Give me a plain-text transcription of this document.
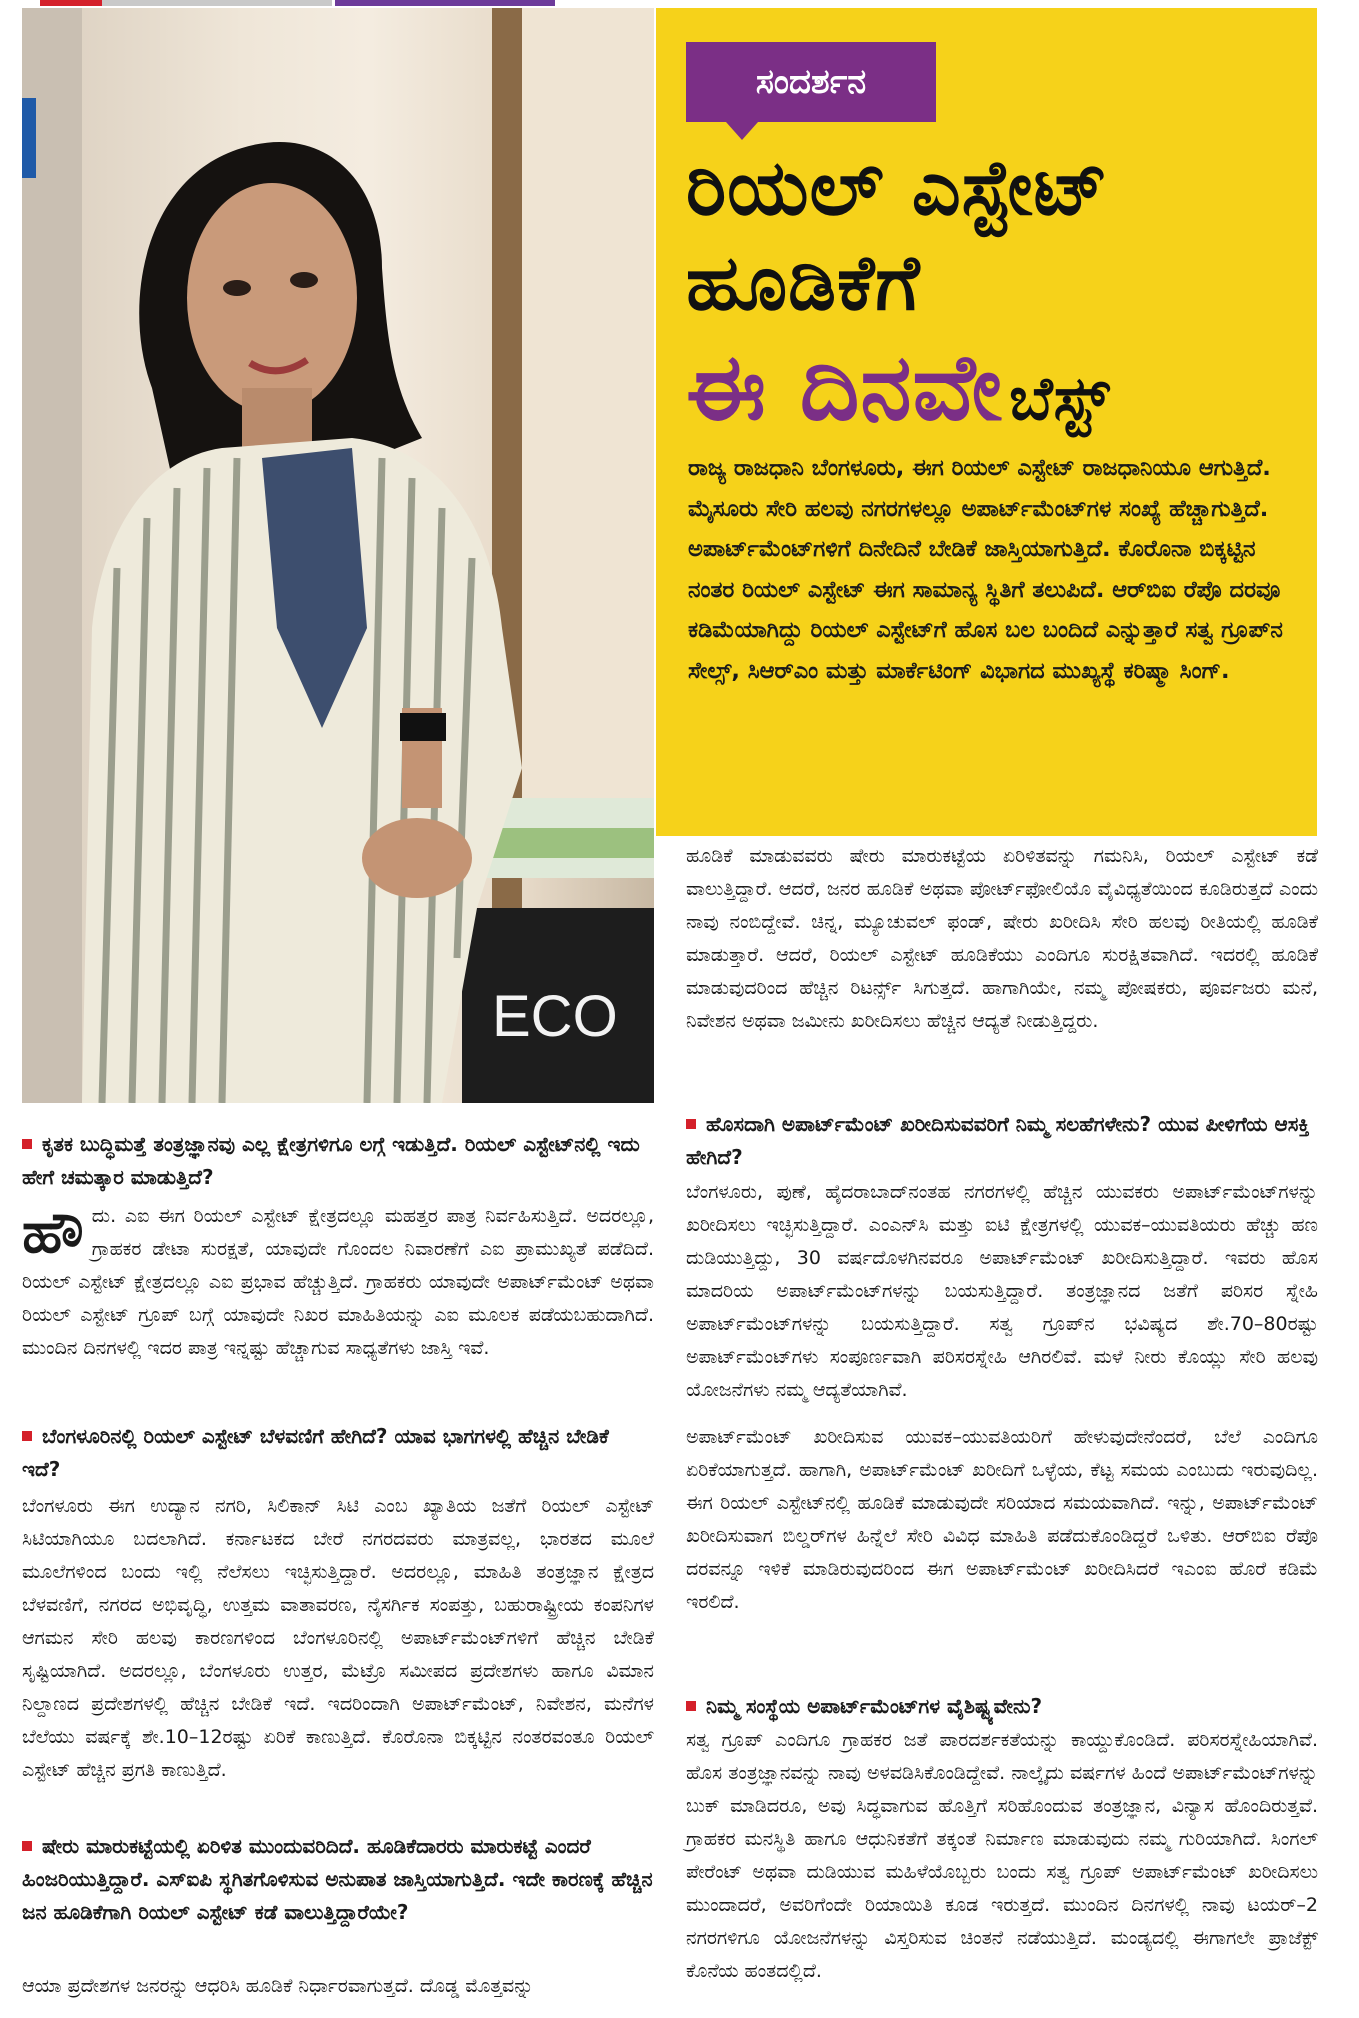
ECO
ಸಂದರ್ಶನ
ರಿಯಲ್ ಎಸ್ಟೇಟ್
ಹೂಡಿಕೆಗೆ
ಈ ದಿನವೇ ಬೆಸ್ಟ್
ರಾಜ್ಯ ರಾಜಧಾನಿ ಬೆಂಗಳೂರು, ಈಗ ರಿಯಲ್ ಎಸ್ಟೇಟ್ ರಾಜಧಾನಿಯೂ ಆಗುತ್ತಿದೆ. ಮೈಸೂರು ಸೇರಿ ಹಲವು ನಗರಗಳಲ್ಲೂ ಅಪಾರ್ಟ್‌ಮೆಂಟ್‌ಗಳ ಸಂಖ್ಯೆ ಹೆಚ್ಚಾಗುತ್ತಿದೆ. ಅಪಾರ್ಟ್‌ಮೆಂಟ್‌ಗಳಿಗೆ ದಿನೇದಿನೆ ಬೇಡಿಕೆ ಜಾಸ್ತಿಯಾಗುತ್ತಿದೆ. ಕೊರೊನಾ ಬಿಕ್ಕಟ್ಟಿನ ನಂತರ ರಿಯಲ್ ಎಸ್ಟೇಟ್ ಈಗ ಸಾಮಾನ್ಯ ಸ್ಥಿತಿಗೆ ತಲುಪಿದೆ. ಆರ್‌ಬಿಐ ರೆಪೊ ದರವೂ ಕಡಿಮೆಯಾಗಿದ್ದು ರಿಯಲ್ ಎಸ್ಟೇಟ್‌ಗೆ ಹೊಸ ಬಲ ಬಂದಿದೆ ಎನ್ನುತ್ತಾರೆ ಸತ್ವ ಗ್ರೂಪ್‌ನ ಸೇಲ್ಸ್, ಸಿಆರ್‌ಎಂ ಮತ್ತು ಮಾರ್ಕೆಟಿಂಗ್ ವಿಭಾಗದ ಮುಖ್ಯಸ್ಥೆ ಕರಿಷ್ಮಾ ಸಿಂಗ್.
ಕೃತಕ ಬುದ್ಧಿಮತ್ತೆ ತಂತ್ರಜ್ಞಾನವು ಎಲ್ಲ ಕ್ಷೇತ್ರಗಳಿಗೂ ಲಗ್ಗೆ ಇಡುತ್ತಿದೆ. ರಿಯಲ್ ಎಸ್ಟೇಟ್‌ನಲ್ಲಿ ಇದು ಹೇಗೆ ಚಮತ್ಕಾರ ಮಾಡುತ್ತಿದೆ?
ಹೌದು. ಎಐ ಈಗ ರಿಯಲ್ ಎಸ್ಟೇಟ್ ಕ್ಷೇತ್ರದಲ್ಲೂ ಮಹತ್ತರ ಪಾತ್ರ ನಿರ್ವಹಿಸುತ್ತಿದೆ. ಅದರಲ್ಲೂ, ಗ್ರಾಹಕರ ಡೇಟಾ ಸುರಕ್ಷತೆ, ಯಾವುದೇ ಗೊಂದಲ ನಿವಾರಣೆಗೆ ಎಐ ಪ್ರಾಮುಖ್ಯತೆ ಪಡೆದಿದೆ. ರಿಯಲ್ ಎಸ್ಟೇಟ್ ಕ್ಷೇತ್ರದಲ್ಲೂ ಎಐ ಪ್ರಭಾವ ಹೆಚ್ಚುತ್ತಿದೆ. ಗ್ರಾಹಕರು ಯಾವುದೇ ಅಪಾರ್ಟ್‌ಮೆಂಟ್ ಅಥವಾ ರಿಯಲ್ ಎಸ್ಟೇಟ್ ಗ್ರೂಪ್ ಬಗ್ಗೆ ಯಾವುದೇ ನಿಖರ ಮಾಹಿತಿಯನ್ನು ಎಐ ಮೂಲಕ ಪಡೆಯಬಹುದಾಗಿದೆ. ಮುಂದಿನ ದಿನಗಳಲ್ಲಿ ಇದರ ಪಾತ್ರ ಇನ್ನಷ್ಟು ಹೆಚ್ಚಾಗುವ ಸಾಧ್ಯತೆಗಳು ಜಾಸ್ತಿ ಇವೆ.
ಬೆಂಗಳೂರಿನಲ್ಲಿ ರಿಯಲ್ ಎಸ್ಟೇಟ್ ಬೆಳವಣಿಗೆ ಹೇಗಿದೆ? ಯಾವ ಭಾಗಗಳಲ್ಲಿ ಹೆಚ್ಚಿನ ಬೇಡಿಕೆ ಇದೆ?
ಬೆಂಗಳೂರು ಈಗ ಉದ್ಯಾನ ನಗರಿ, ಸಿಲಿಕಾನ್ ಸಿಟಿ ಎಂಬ ಖ್ಯಾತಿಯ ಜತೆಗೆ ರಿಯಲ್ ಎಸ್ಟೇಟ್ ಸಿಟಿಯಾಗಿಯೂ ಬದಲಾಗಿದೆ. ಕರ್ನಾಟಕದ ಬೇರೆ ನಗರದವರು ಮಾತ್ರವಲ್ಲ, ಭಾರತದ ಮೂಲೆ ಮೂಲೆಗಳಿಂದ ಬಂದು ಇಲ್ಲಿ ನೆಲೆಸಲು ಇಚ್ಛಿಸುತ್ತಿದ್ದಾರೆ. ಅದರಲ್ಲೂ, ಮಾಹಿತಿ ತಂತ್ರಜ್ಞಾನ ಕ್ಷೇತ್ರದ ಬೆಳವಣಿಗೆ, ನಗರದ ಅಭಿವೃದ್ಧಿ, ಉತ್ತಮ ವಾತಾವರಣ, ನೈಸರ್ಗಿಕ ಸಂಪತ್ತು, ಬಹುರಾಷ್ಟ್ರೀಯ ಕಂಪನಿಗಳ ಆಗಮನ ಸೇರಿ ಹಲವು ಕಾರಣಗಳಿಂದ ಬೆಂಗಳೂರಿನಲ್ಲಿ ಅಪಾರ್ಟ್‌ಮೆಂಟ್‌ಗಳಿಗೆ ಹೆಚ್ಚಿನ ಬೇಡಿಕೆ ಸೃಷ್ಟಿಯಾಗಿದೆ. ಅದರಲ್ಲೂ, ಬೆಂಗಳೂರು ಉತ್ತರ, ಮೆಟ್ರೊ ಸಮೀಪದ ಪ್ರದೇಶಗಳು ಹಾಗೂ ವಿಮಾನ ನಿಲ್ದಾಣದ ಪ್ರದೇಶಗಳಲ್ಲಿ ಹೆಚ್ಚಿನ ಬೇಡಿಕೆ ಇದೆ. ಇದರಿಂದಾಗಿ ಅಪಾರ್ಟ್‌ಮೆಂಟ್, ನಿವೇಶನ, ಮನೆಗಳ ಬೆಲೆಯು ವರ್ಷಕ್ಕೆ ಶೇ.10–12ರಷ್ಟು ಏರಿಕೆ ಕಾಣುತ್ತಿದೆ. ಕೊರೊನಾ ಬಿಕ್ಕಟ್ಟಿನ ನಂತರವಂತೂ ರಿಯಲ್ ಎಸ್ಟೇಟ್ ಹೆಚ್ಚಿನ ಪ್ರಗತಿ ಕಾಣುತ್ತಿದೆ.
ಷೇರು ಮಾರುಕಟ್ಟೆಯಲ್ಲಿ ಏರಿಳಿತ ಮುಂದುವರಿದಿದೆ. ಹೂಡಿಕೆದಾರರು ಮಾರುಕಟ್ಟೆ ಎಂದರೆ ಹಿಂಜರಿಯುತ್ತಿದ್ದಾರೆ. ಎಸ್‌ಐಪಿ ಸ್ಥಗಿತಗೊಳಿಸುವ ಅನುಪಾತ ಜಾಸ್ತಿಯಾಗುತ್ತಿದೆ. ಇದೇ ಕಾರಣಕ್ಕೆ ಹೆಚ್ಚಿನ ಜನ ಹೂಡಿಕೆಗಾಗಿ ರಿಯಲ್ ಎಸ್ಟೇಟ್ ಕಡೆ ವಾಲುತ್ತಿದ್ದಾರೆಯೇ?
ಆಯಾ ಪ್ರದೇಶಗಳ ಜನರನ್ನು ಆಧರಿಸಿ ಹೂಡಿಕೆ ನಿರ್ಧಾರವಾಗುತ್ತದೆ. ದೊಡ್ಡ ಮೊತ್ತವನ್ನು
ಹೂಡಿಕೆ ಮಾಡುವವರು ಷೇರು ಮಾರುಕಟ್ಟೆಯ ಏರಿಳಿತವನ್ನು ಗಮನಿಸಿ, ರಿಯಲ್ ಎಸ್ಟೇಟ್ ಕಡೆ ವಾಲುತ್ತಿದ್ದಾರೆ. ಆದರೆ, ಜನರ ಹೂಡಿಕೆ ಅಥವಾ ಪೋರ್ಟ್‌ಫೋಲಿಯೊ ವೈವಿಧ್ಯತೆಯಿಂದ ಕೂಡಿರುತ್ತದೆ ಎಂದು ನಾವು ನಂಬಿದ್ದೇವೆ. ಚಿನ್ನ, ಮ್ಯೂಚುವಲ್ ಫಂಡ್, ಷೇರು ಖರೀದಿಸಿ ಸೇರಿ ಹಲವು ರೀತಿಯಲ್ಲಿ ಹೂಡಿಕೆ ಮಾಡುತ್ತಾರೆ. ಆದರೆ, ರಿಯಲ್ ಎಸ್ಟೇಟ್ ಹೂಡಿಕೆಯು ಎಂದಿಗೂ ಸುರಕ್ಷಿತವಾಗಿದೆ. ಇದರಲ್ಲಿ ಹೂಡಿಕೆ ಮಾಡುವುದರಿಂದ ಹೆಚ್ಚಿನ ರಿಟರ್ನ್ಸ್ ಸಿಗುತ್ತದೆ. ಹಾಗಾಗಿಯೇ, ನಮ್ಮ ಪೋಷಕರು, ಪೂರ್ವಜರು ಮನೆ, ನಿವೇಶನ ಅಥವಾ ಜಮೀನು ಖರೀದಿಸಲು ಹೆಚ್ಚಿನ ಆದ್ಯತೆ ನೀಡುತ್ತಿದ್ದರು.
ಹೊಸದಾಗಿ ಅಪಾರ್ಟ್‌ಮೆಂಟ್ ಖರೀದಿಸುವವರಿಗೆ ನಿಮ್ಮ ಸಲಹೆಗಳೇನು? ಯುವ ಪೀಳಿಗೆಯ ಆಸಕ್ತಿ ಹೇಗಿದೆ?
ಬೆಂಗಳೂರು, ಪುಣೆ, ಹೈದರಾಬಾದ್‌ನಂತಹ ನಗರಗಳಲ್ಲಿ ಹೆಚ್ಚಿನ ಯುವಕರು ಅಪಾರ್ಟ್‌ಮೆಂಟ್‌ಗಳನ್ನು ಖರೀದಿಸಲು ಇಚ್ಛಿಸುತ್ತಿದ್ದಾರೆ. ಎಂಎನ್‌ಸಿ ಮತ್ತು ಐಟಿ ಕ್ಷೇತ್ರಗಳಲ್ಲಿ ಯುವಕ–ಯುವತಿಯರು ಹೆಚ್ಚು ಹಣ ದುಡಿಯುತ್ತಿದ್ದು, 30 ವರ್ಷದೊಳಗಿನವರೂ ಅಪಾರ್ಟ್‌ಮೆಂಟ್ ಖರೀದಿಸುತ್ತಿದ್ದಾರೆ. ಇವರು ಹೊಸ ಮಾದರಿಯ ಅಪಾರ್ಟ್‌ಮೆಂಟ್‌ಗಳನ್ನು ಬಯಸುತ್ತಿದ್ದಾರೆ. ತಂತ್ರಜ್ಞಾನದ ಜತೆಗೆ ಪರಿಸರ ಸ್ನೇಹಿ ಅಪಾರ್ಟ್‌ಮೆಂಟ್‌ಗಳನ್ನು ಬಯಸುತ್ತಿದ್ದಾರೆ. ಸತ್ವ ಗ್ರೂಪ್‌ನ ಭವಿಷ್ಯದ ಶೇ.70–80ರಷ್ಟು ಅಪಾರ್ಟ್‌ಮೆಂಟ್‌ಗಳು ಸಂಪೂರ್ಣವಾಗಿ ಪರಿಸರಸ್ನೇಹಿ ಆಗಿರಲಿವೆ. ಮಳೆ ನೀರು ಕೊಯ್ಲು ಸೇರಿ ಹಲವು ಯೋಜನೆಗಳು ನಮ್ಮ ಆದ್ಯತೆಯಾಗಿವೆ.
ಅಪಾರ್ಟ್‌ಮೆಂಟ್ ಖರೀದಿಸುವ ಯುವಕ–ಯುವತಿಯರಿಗೆ ಹೇಳುವುದೇನೆಂದರೆ, ಬೆಲೆ ಎಂದಿಗೂ ಏರಿಕೆಯಾಗುತ್ತದೆ. ಹಾಗಾಗಿ, ಅಪಾರ್ಟ್‌ಮೆಂಟ್ ಖರೀದಿಗೆ ಒಳ್ಳೆಯ, ಕೆಟ್ಟ ಸಮಯ ಎಂಬುದು ಇರುವುದಿಲ್ಲ. ಈಗ ರಿಯಲ್ ಎಸ್ಟೇಟ್‌ನಲ್ಲಿ ಹೂಡಿಕೆ ಮಾಡುವುದೇ ಸರಿಯಾದ ಸಮಯವಾಗಿದೆ. ಇನ್ನು, ಅಪಾರ್ಟ್‌ಮೆಂಟ್ ಖರೀದಿಸುವಾಗ ಬಿಲ್ಡರ್‌ಗಳ ಹಿನ್ನೆಲೆ ಸೇರಿ ವಿವಿಧ ಮಾಹಿತಿ ಪಡೆದುಕೊಂಡಿದ್ದರೆ ಒಳಿತು. ಆರ್‌ಬಿಐ ರೆಪೊ ದರವನ್ನೂ ಇಳಿಕೆ ಮಾಡಿರುವುದರಿಂದ ಈಗ ಅಪಾರ್ಟ್‌ಮೆಂಟ್ ಖರೀದಿಸಿದರೆ ಇಎಂಐ ಹೊರೆ ಕಡಿಮೆ ಇರಲಿದೆ.
ನಿಮ್ಮ ಸಂಸ್ಥೆಯ ಅಪಾರ್ಟ್‌ಮೆಂಟ್‌ಗಳ ವೈಶಿಷ್ಟ್ಯವೇನು?
ಸತ್ವ ಗ್ರೂಪ್ ಎಂದಿಗೂ ಗ್ರಾಹಕರ ಜತೆ ಪಾರದರ್ಶಕತೆಯನ್ನು ಕಾಯ್ದುಕೊಂಡಿದೆ. ಪರಿಸರಸ್ನೇಹಿಯಾಗಿವೆ. ಹೊಸ ತಂತ್ರಜ್ಞಾನವನ್ನು ನಾವು ಅಳವಡಿಸಿಕೊಂಡಿದ್ದೇವೆ. ನಾಲ್ಕೈದು ವರ್ಷಗಳ ಹಿಂದೆ ಅಪಾರ್ಟ್‌ಮೆಂಟ್‌ಗಳನ್ನು ಬುಕ್ ಮಾಡಿದರೂ, ಅವು ಸಿದ್ಧವಾಗುವ ಹೊತ್ತಿಗೆ ಸರಿಹೊಂದುವ ತಂತ್ರಜ್ಞಾನ, ವಿನ್ಯಾಸ ಹೊಂದಿರುತ್ತವೆ. ಗ್ರಾಹಕರ ಮನಸ್ಥಿತಿ ಹಾಗೂ ಆಧುನಿಕತೆಗೆ ತಕ್ಕಂತೆ ನಿರ್ಮಾಣ ಮಾಡುವುದು ನಮ್ಮ ಗುರಿಯಾಗಿದೆ. ಸಿಂಗಲ್ ಪೇರೆಂಟ್ ಅಥವಾ ದುಡಿಯುವ ಮಹಿಳೆಯೊಬ್ಬರು ಬಂದು ಸತ್ವ ಗ್ರೂಪ್ ಅಪಾರ್ಟ್‌ಮೆಂಟ್ ಖರೀದಿಸಲು ಮುಂದಾದರೆ, ಅವರಿಗೆಂದೇ ರಿಯಾಯಿತಿ ಕೂಡ ಇರುತ್ತದೆ. ಮುಂದಿನ ದಿನಗಳಲ್ಲಿ ನಾವು ಟಯರ್–2 ನಗರಗಳಿಗೂ ಯೋಜನೆಗಳನ್ನು ವಿಸ್ತರಿಸುವ ಚಿಂತನೆ ನಡೆಯುತ್ತಿದೆ. ಮಂಡ್ಯದಲ್ಲಿ ಈಗಾಗಲೇ ಪ್ರಾಜೆಕ್ಟ್ ಕೊನೆಯ ಹಂತದಲ್ಲಿದೆ.
